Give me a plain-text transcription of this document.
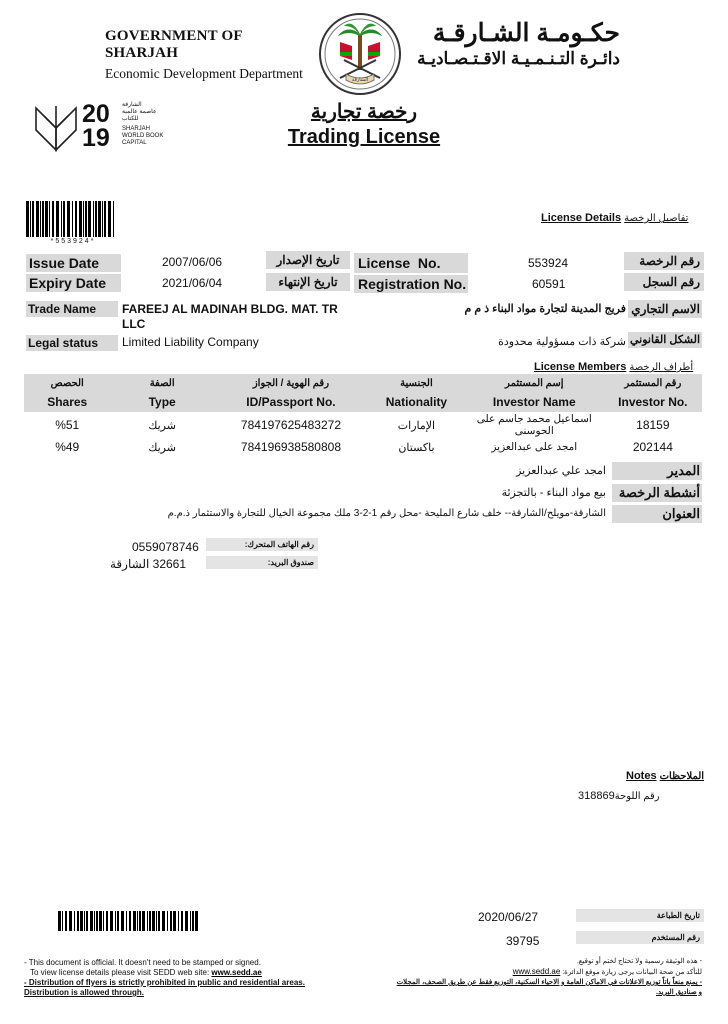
GOVERNMENT OF SHARJAH
Economic Development Department	الشارقة
حكـومـة الشـارقـة
دائـرة التـنـمـيـة الاقـتـصـاديـة
20
19
الشارقة
عاصمة عالمية
للكتاب
SHARJAH
WORLD BOOK
CAPITAL
رخصة تجارية
Trading License
*553924*
License Details تفاصيل الرخصة
Issue Date	2007/06/06	تاريخ الإصدار
Expiry Date	2021/06/04	تاريخ الإنتهاء
License  No.	553924	رقم الرخصة
Registration No.	60591	رقم السجل
Trade Name	FAREEJ AL MADINAH BLDG. MAT. TR LLC
فريج المدينة لتجارة مواد البناء ذ م م الاسم التجاري
Legal status	Limited Liability Company	شركة ذات مسؤولية محدودة الشكل القانوني
License Members أطراف الرخصة
الحصص	الصفة	رقم الهوية / الجواز	الجنسية	إسم المستثمر	رقم المستثمر
Shares	Type	ID/Passport No.	Nationality	Investor Name	Investor No.
%51	شريك	784197625483272	الإمارات	اسماعيل محمد جاسم على الحوسنى	18159
%49	شريك	784196938580808	باكستان	امجد على عبدالعزيز	202144
امجد علي عبدالعزيز	المدير
بيع مواد البناء - بالتجزئة أنشطة الرخصة
الشارقة-مويلح/الشارقة-- خلف شارع المليحة -محل رقم 1-2-3 ملك مجموعة الخيال للتجارة والاستثمار ذ.م.م	العنوان
0559078746	رقم الهاتف المتحرك:
32661 الشارقة	صندوق البريد:
Notes الملاحظات
318869رقم اللوحة
2020/06/27	تاريخ الطباعة
39795	رقم المستخدم
- This document is official. It doesn't need to be stamped or signed.
To view license details please visit SEDD web site: www.sedd.ae
- Distribution of flyers is strictly prohibited in public and residential areas.
Distribution is allowed through.
- هذه الوثيقة رسمية ولا تحتاج لختم أو توقيع.
للتأكد من صحة البيانات يرجى زيارة موقع الدائرة: www.sedd.ae
- يمنع منعاً باتاً توزيع الاعلانات في الاماكن العامة و الاحياء السكنية، التوزيع فقط عن طريق الصحف، المجلات
و صناديق البريد.
